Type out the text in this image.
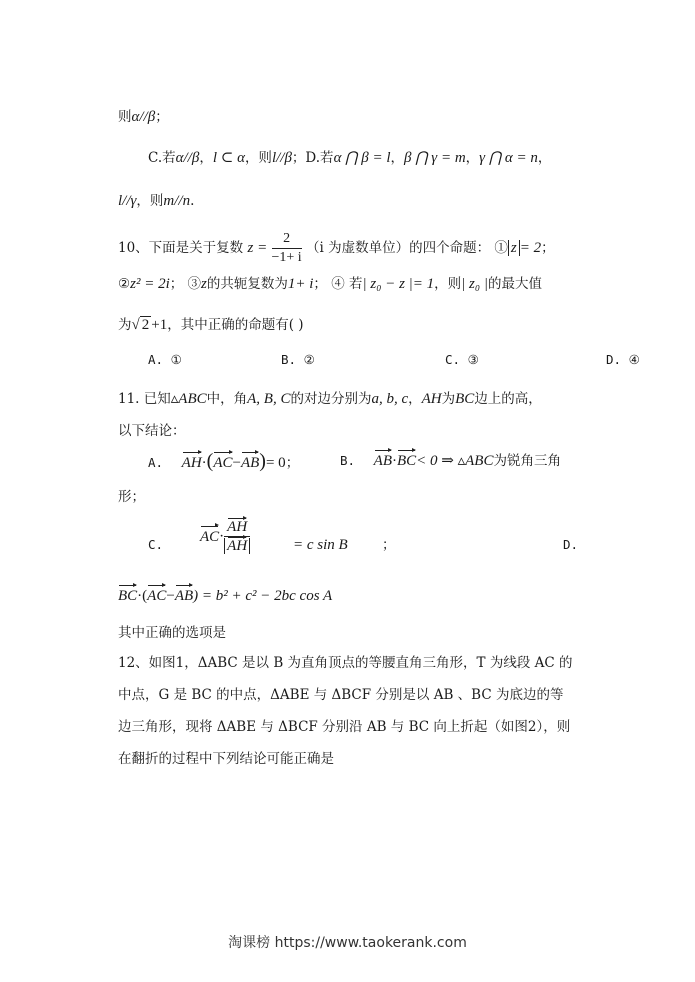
则α//β；
C.若α//β，l ⊂ α，则l//β；D.若α ⋂ β = l，β ⋂ γ = m，γ ⋂ α = n，
l//γ，则m//n.
10、下面是关于复数 $z = \frac{2}{-1+ i} (i$ 为虚数单位）的四个命题： ① z = 2；
②z² = 2i； ③z的共轭复数为1+ i； ④ 若| z₀ − z |= 1，则| z₀ |的最大值
为√ 2 +1，其中正确的命题有( )
A. ①	B. ②	C. ③	D. ④
11. 已知▵ABC中，角A, B, C的对边分别为a, b, c，AH为BC边上的高，
以下结论：
A. AH·(AC−AB)= 0；	B. AB·BC< 0 ⇒ ▵ABC为锐角三角
形；
C. $AC\cdot \frac{AH}{AH}$	= c sin B	；	D.
BC·(AC−AB) = b² + c² − 2bc cos A
其中正确的选项是
12、如图1，ΔABC 是以 B 为直角顶点的等腰直角三角形，T 为线段 AC 的
中点，G 是 BC 的中点，ΔABE 与 ΔBCF 分别是以 AB 、BC 为底边的等
边三角形，现将 ΔABE 与 ΔBCF 分别沿 AB 与 BC 向上折起（如图2），则
在翻折的过程中下列结论可能正确是
淘课榜 https://www.taokerank.com
